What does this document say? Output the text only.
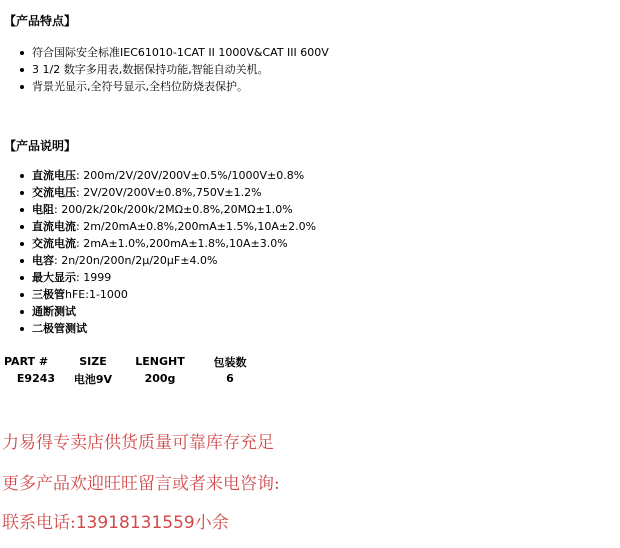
【产品特点】
符合国际安全标准IEC61010-1CAT II 1000V&CAT III 600V
3 1/2 数字多用表,数据保持功能,智能自动关机。
背景光显示,全符号显示,全档位防烧表保护。
【产品说明】
直流电压: 200m/2V/20V/200V±0.5%/1000V±0.8%
交流电压: 2V/20V/200V±0.8%,750V±1.2%
电阻: 200/2k/20k/200k/2MΩ±0.8%,20MΩ±1.0%
直流电流: 2m/20mA±0.8%,200mA±1.5%,10A±2.0%
交流电流: 2mA±1.0%,200mA±1.8%,10A±3.0%
电容: 2n/20n/200n/2μ/20μF±4.0%
最大显示: 1999
三极管hFE:1-1000
通断测试
二极管测试
PART #	SIZE	LENGHT	包装数
E9243	电池9V	200g	6

力易得专卖店供货质量可靠库存充足

更多产品欢迎旺旺留言或者来电咨询:

联系电话:13918131559小余
